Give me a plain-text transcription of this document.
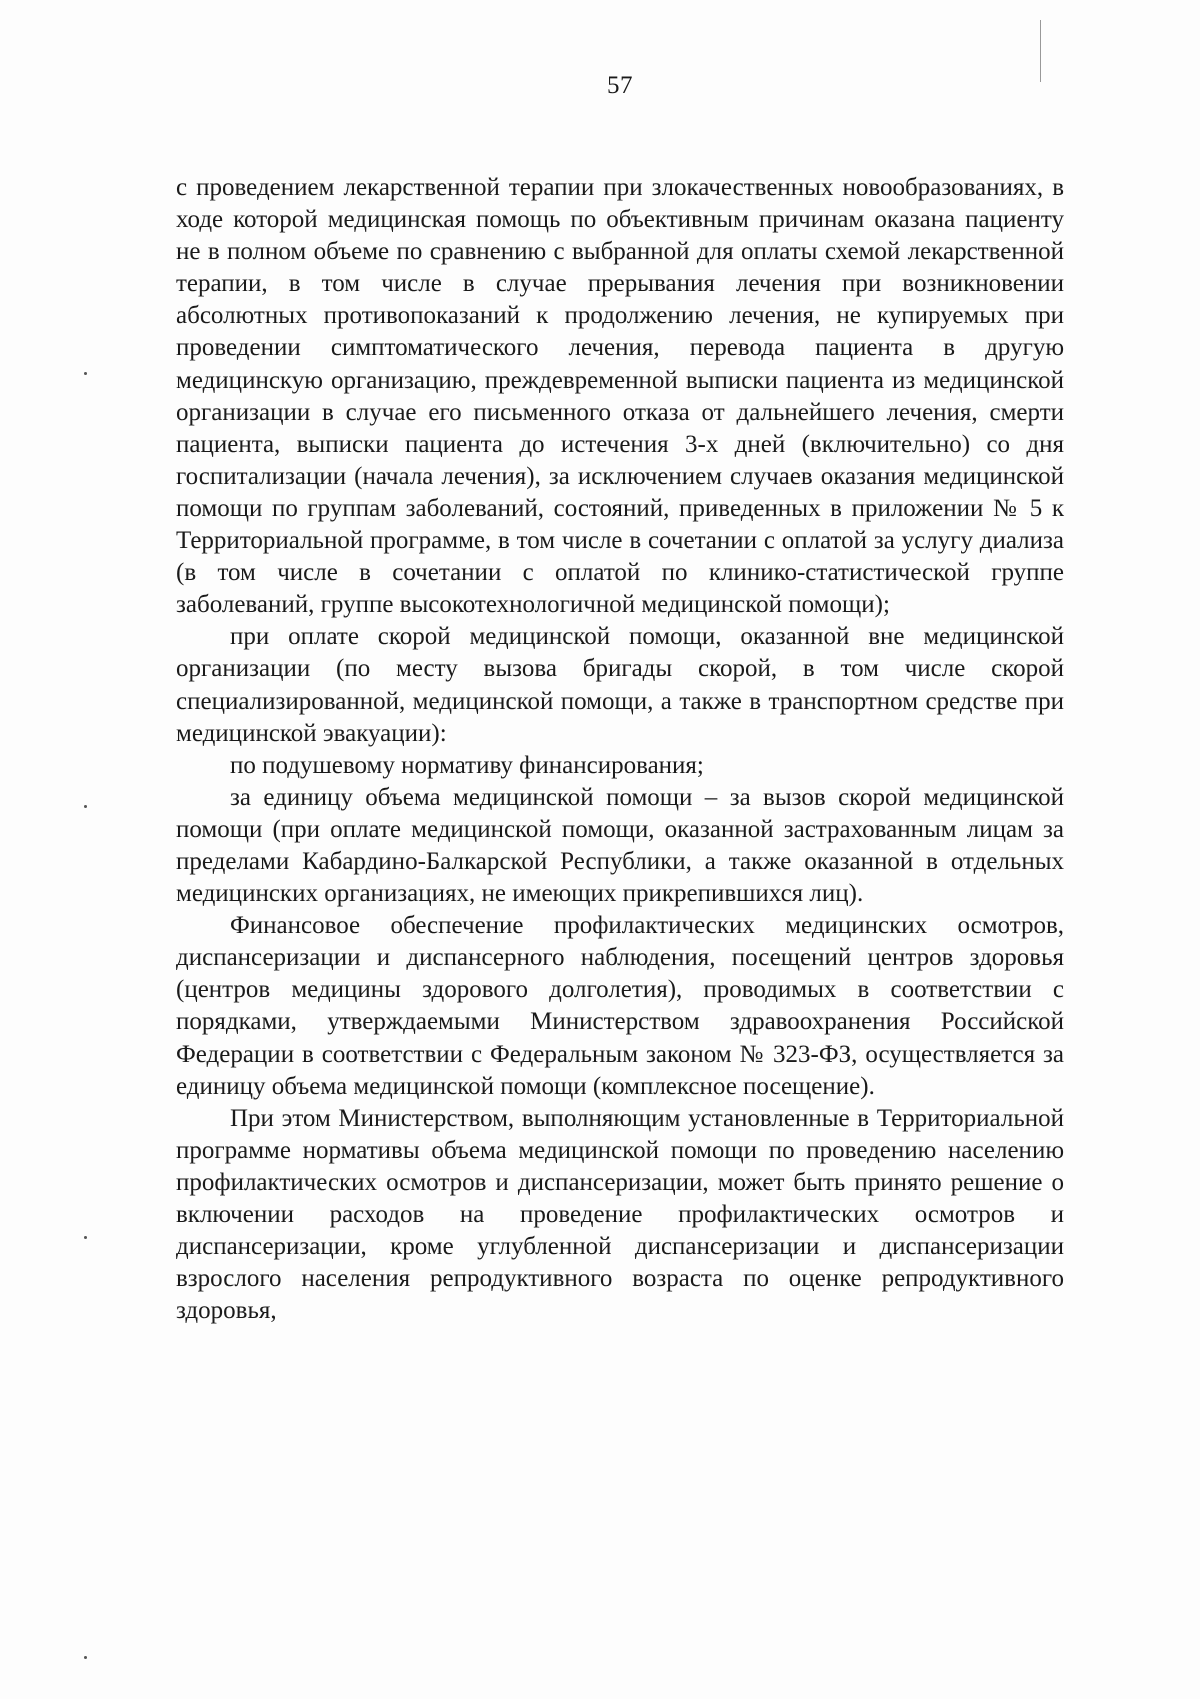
57

с проведением лекарственной терапии при злокачественных новообразованиях, в ходе которой медицинская помощь по объективным причинам оказана пациенту не в полном объеме по сравнению с выбранной для оплаты схемой лекарственной терапии, в том числе в случае прерывания лечения при возникновении абсолютных противопоказаний к продолжению лечения, не купируемых при проведении симптоматического лечения, перевода пациента в другую медицинскую организацию, преждевременной выписки пациента из медицинской организации в случае его письменного отказа от дальнейшего лечения, смерти пациента, выписки пациента до истечения 3-х дней (включительно) со дня госпитализации (начала лечения), за исключением случаев оказания медицинской помощи по группам заболеваний, состояний, приведенных в приложении № 5 к Территориальной программе, в том числе в сочетании с оплатой за услугу диализа (в том числе в сочетании с оплатой по клинико-статистической группе заболеваний, группе высокотехнологичной медицинской помощи);

при оплате скорой медицинской помощи, оказанной вне медицинской организации (по месту вызова бригады скорой, в том числе скорой специализированной, медицинской помощи, а также в транспортном средстве при медицинской эвакуации):

по подушевому нормативу финансирования;

за единицу объема медицинской помощи – за вызов скорой медицинской помощи (при оплате медицинской помощи, оказанной застрахованным лицам за пределами Кабардино-Балкарской Республики, а также оказанной в отдельных медицинских организациях, не имеющих прикрепившихся лиц).

Финансовое обеспечение профилактических медицинских осмотров, диспансеризации и диспансерного наблюдения, посещений центров здоровья (центров медицины здорового долголетия), проводимых в соответствии с порядками, утверждаемыми Министерством здравоохранения Российской Федерации в соответствии с Федеральным законом № 323-ФЗ, осуществляется за единицу объема медицинской помощи (комплексное посещение).

При этом Министерством, выполняющим установленные в Территориальной программе нормативы объема медицинской помощи по проведению населению профилактических осмотров и диспансеризации, может быть принято решение о включении расходов на проведение профилактических осмотров и диспансеризации, кроме углубленной диспансеризации и диспансеризации взрослого населения репродуктивного возраста по оценке репродуктивного здоровья,
